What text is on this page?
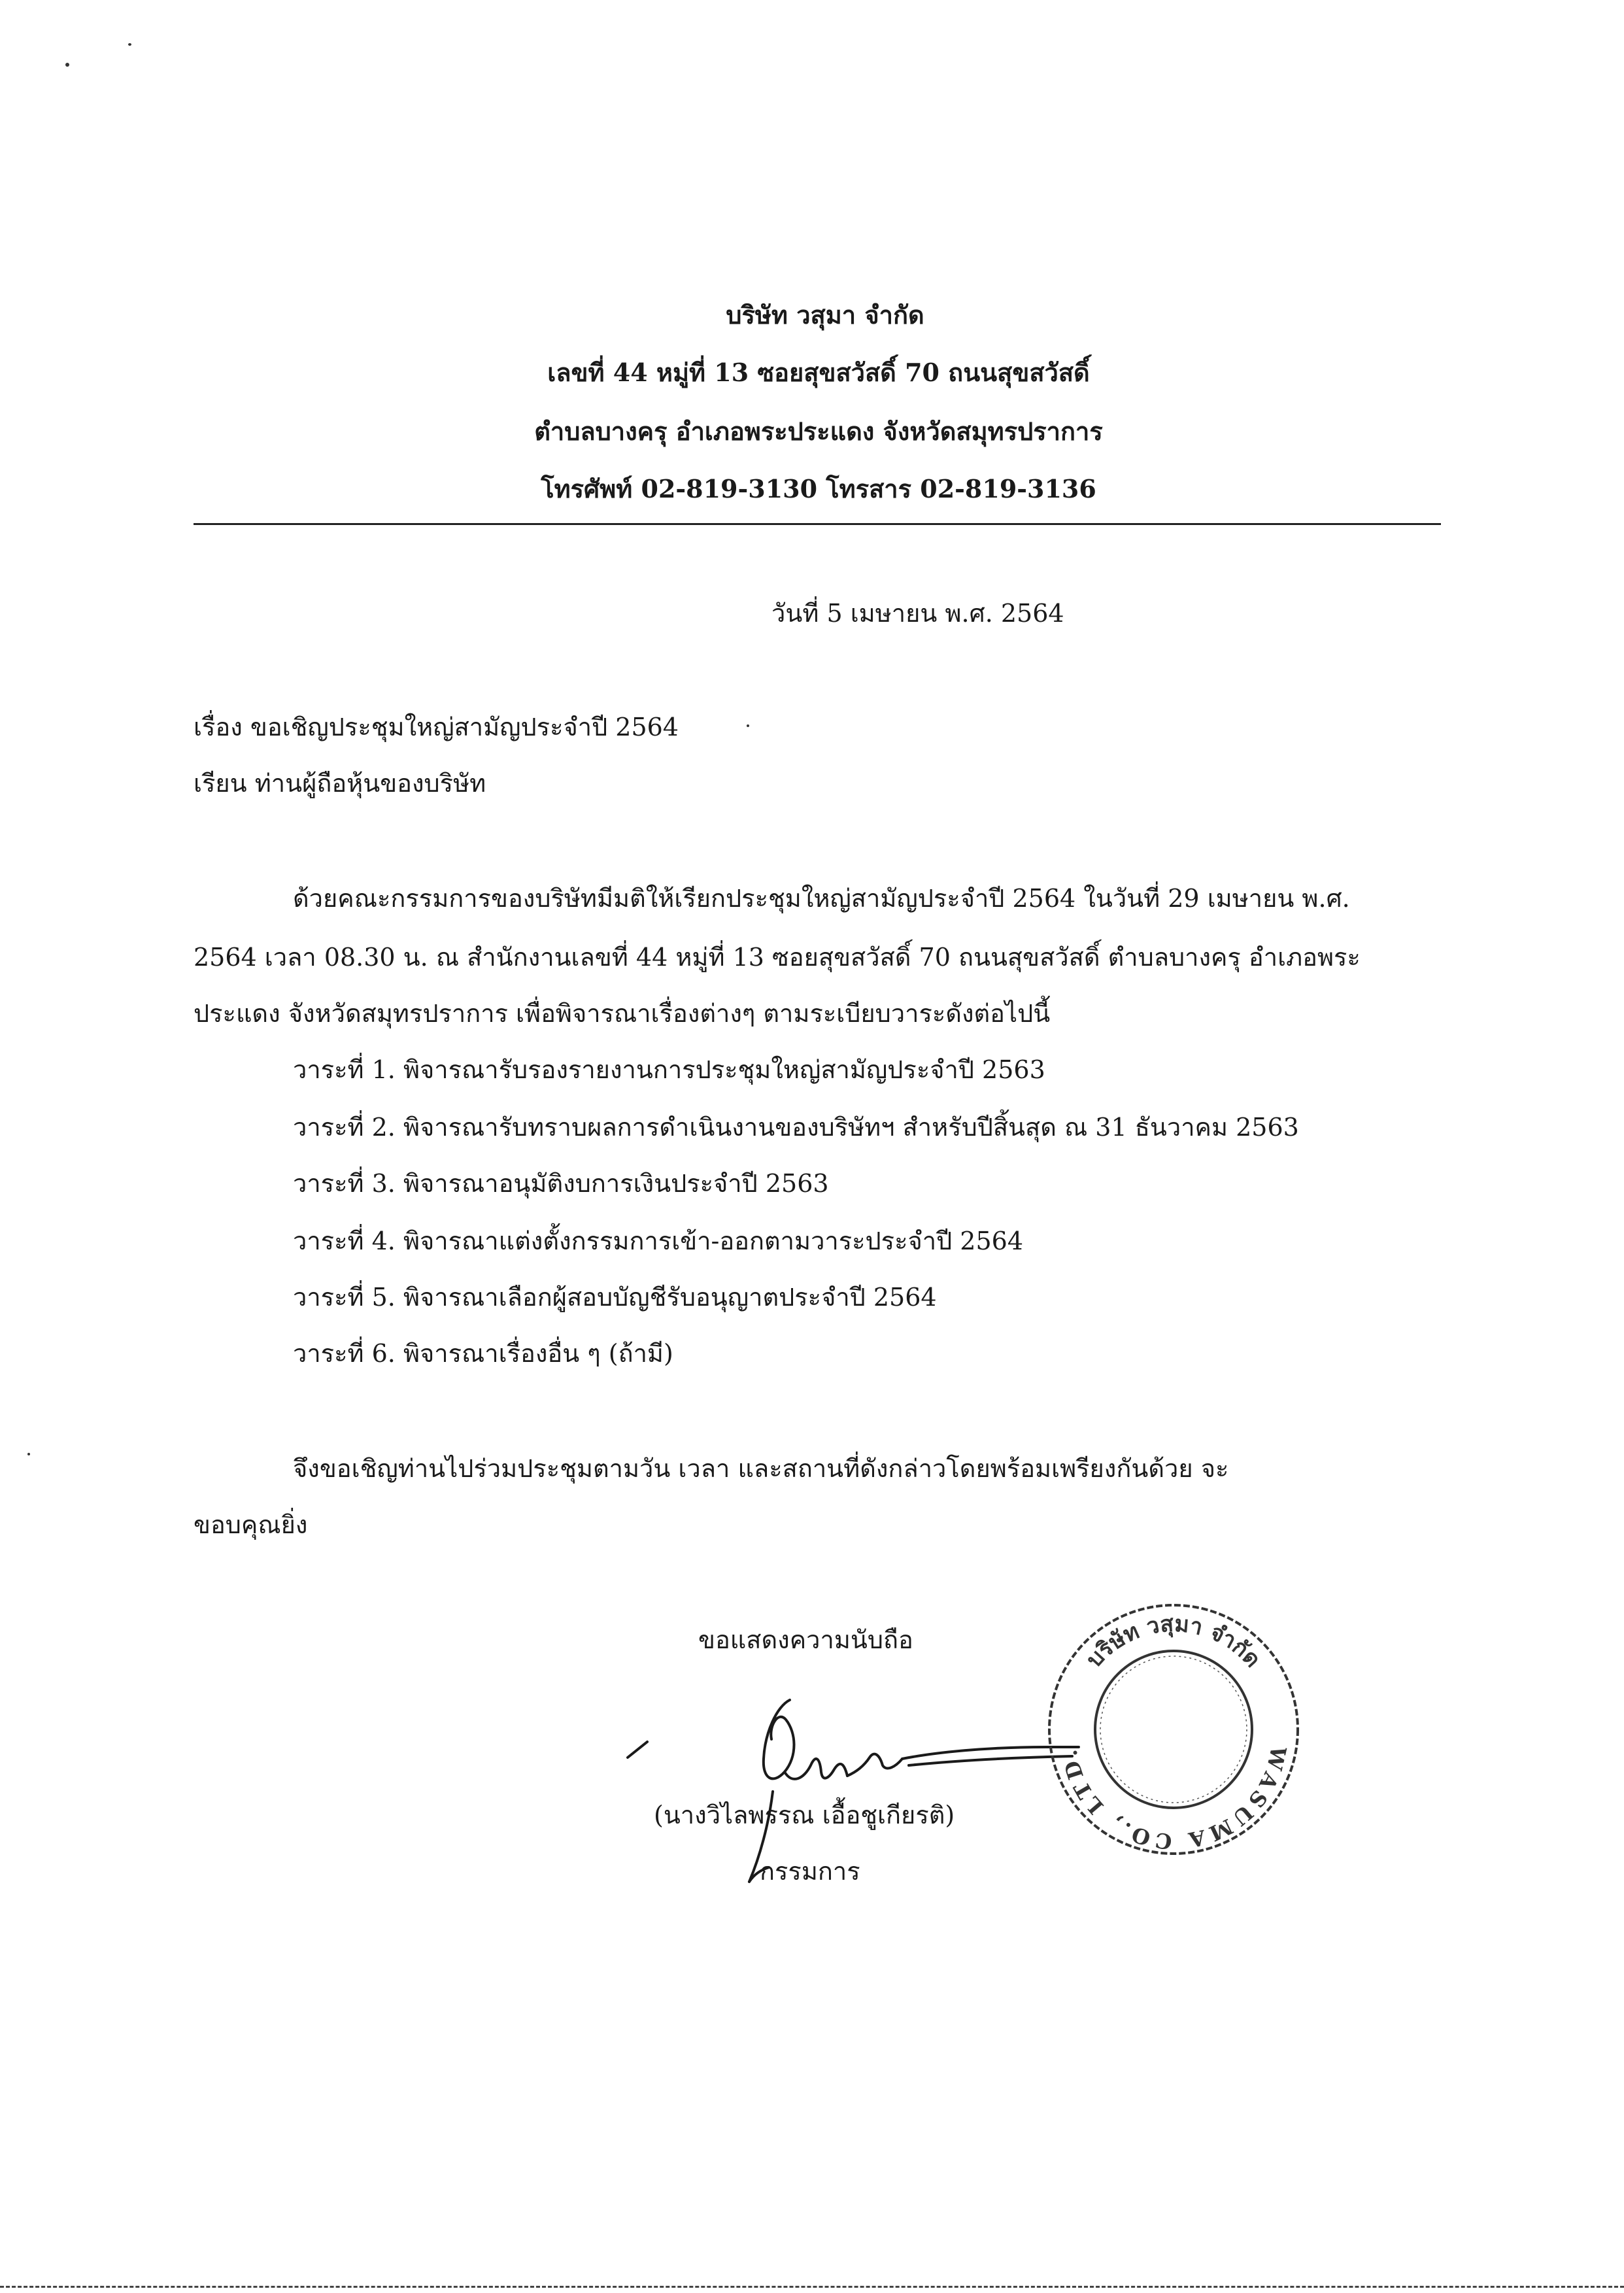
บริษัท วสุมา จำกัด
เลขที่ 44 หมู่ที่ 13 ซอยสุขสวัสดิ์ 70 ถนนสุขสวัสดิ์
ตำบลบางครุ อำเภอพระประแดง จังหวัดสมุทรปราการ
โทรศัพท์ 02-819-3130 โทรสาร 02-819-3136
วันที่ 5 เมษายน พ.ศ. 2564
เรื่อง ขอเชิญประชุมใหญ่สามัญประจำปี 2564
เรียน ท่านผู้ถือหุ้นของบริษัท
ด้วยคณะกรรมการของบริษัทมีมติให้เรียกประชุมใหญ่สามัญประจำปี 2564 ในวันที่ 29 เมษายน พ.ศ.
2564 เวลา 08.30 น. ณ สำนักงานเลขที่ 44 หมู่ที่ 13 ซอยสุขสวัสดิ์ 70 ถนนสุขสวัสดิ์ ตำบลบางครุ อำเภอพระ
ประแดง จังหวัดสมุทรปราการ เพื่อพิจารณาเรื่องต่างๆ ตามระเบียบวาระดังต่อไปนี้
วาระที่ 1. พิจารณารับรองรายงานการประชุมใหญ่สามัญประจำปี 2563
วาระที่ 2. พิจารณารับทราบผลการดำเนินงานของบริษัทฯ สำหรับปีสิ้นสุด ณ 31 ธันวาคม 2563
วาระที่ 3. พิจารณาอนุมัติงบการเงินประจำปี 2563
วาระที่ 4. พิจารณาแต่งตั้งกรรมการเข้า-ออกตามวาระประจำปี 2564
วาระที่ 5. พิจารณาเลือกผู้สอบบัญชีรับอนุญาตประจำปี 2564
วาระที่ 6. พิจารณาเรื่องอื่น ๆ (ถ้ามี)
จึงขอเชิญท่านไปร่วมประชุมตามวัน เวลา และสถานที่ดังกล่าวโดยพร้อมเพรียงกันด้วย จะ
ขอบคุณยิ่ง
ขอแสดงความนับถือ
บริษัท วสุมา จำกัด
WASUMA CO., LTD.
(นางวิไลพรรณ เอื้อชูเกียรติ)
กรรมการ
